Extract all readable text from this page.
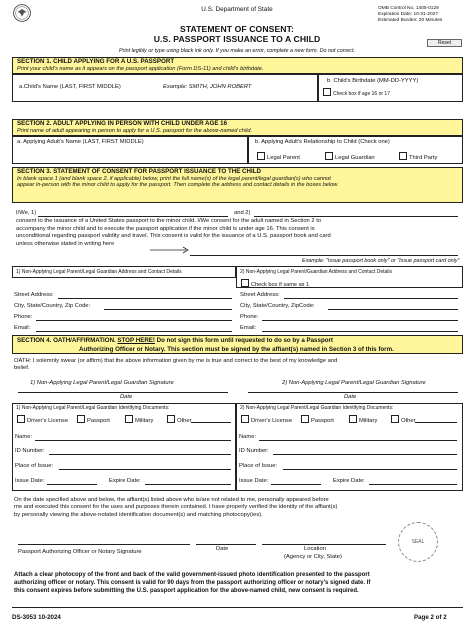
U.S. Department of State	OMB Control No. 1405-0129
Expiration Date: 10-31-2027
Estimated Burden: 20 Minutes
STATEMENT OF CONSENT:
U.S. PASSPORT ISSUANCE TO A CHILD	Reset
Print legibly or type using black ink only. If you make an error, complete a new form. Do not correct.
SECTION 1. CHILD APPLYING FOR A U.S. PASSPORT
Print your child's name as it appears on the passport application (Form DS-11) and child's birthdate.
a.Child's Name (LAST, FIRST MIDDLE)	Example: SMITH, JOHN ROBERT
b. Child's Birthdate (MM-DD-YYYY)
Check box if age 16 or 17
SECTION 2. ADULT APPLYING IN PERSON WITH CHILD UNDER AGE 16
Print name of adult appearing in person to apply for a U.S. passport for the above-named child.
a. Applying Adult's Name (LAST, FIRST MIDDLE)	b. Applying Adult's Relationship to Child (Check one)
Legal Parent	Legal Guardian	Third Party
SECTION 3. STATEMENT OF CONSENT FOR PASSPORT ISSUANCE TO THE CHILD
In blank space 1 (and blank space 2, if applicable) below, print the full name(s) of the legal parent/legal guardian(s) who cannot
appear in-person with the minor child to apply for the passport. Then complete the address and contact details in the boxes below.
I/We, 1)	and 2)
consent to the issuance of a United States passport to the minor child. I/We consent for the adult named in Section 2 to
accompany the minor child and to execute the passport application if the minor child is under age 16. This consent is
unconditional regarding passport validity and travel. This consent is valid for the issuance of a U.S. passport book and card
unless otherwise stated in writing here
Example: "Issue passport book only" or "Issue passport card only"
1) Non-Applying Legal Parent/Legal Guardian Address and Contact Details	2) Non-Applying Legal Parent/Guardian Address and Contact Details
Check box if same as 1
Street Address:
City, State/Country, Zip Code:
Phone:
Email:
Street Address:
City, State/Country, ZipCode:
Phone:
Email:
SECTION 4. OATH/AFFIRMATION. STOP HERE! Do not sign this form until requested to do so by a Passport
Authorizing Officer or Notary. This section must be signed by the affiant(s) named in Section 3 of this form.
OATH: I solemnly swear (or affirm) that the above information given by me is true and correct to the best of my knowledge and
belief.
1) Non-Applying Legal Parent/Legal Guardian Signature	2) Non-Applying Legal Parent/Legal Guardian Signature
Date	Date
1) Non-Applying Legal Parent/Legal Guardian Identifying Documents:
Driver's License	Passport	Military	Other
Name:
ID Number:
Place of Issue:
Issue Date:	Expire Date:
2) Non-Applying Legal Parent/Legal Guardian Identifying Documents:
Driver's License	Passport	Military	Other
Name:
ID Number:
Place of Issue:
Issue Date:	Expire Date:
On the date specified above and below, the affiant(s) listed above who is/are not related to me, personally appeared before
me and executed this consent for the uses and purposes therein contained. I have properly verified the identity of the affiant(s)
by personally viewing the above-notated identification document(s) and matching photocopy(ies).
Passport Authorizing Officer or Notary Signature	Date	Location
(Agency or City, State)
SEAL
Attach a clear photocopy of the front and back of the valid government-issued photo identification presented to the passport
authorizing officer or notary. This consent is valid for 90 days from the passport authorizing officer or notary's signed date. If
this consent expires before submitting the U.S. passport application for the above-named child, new consent is required.
DS-3053 10-2024	Page 2 of 2
